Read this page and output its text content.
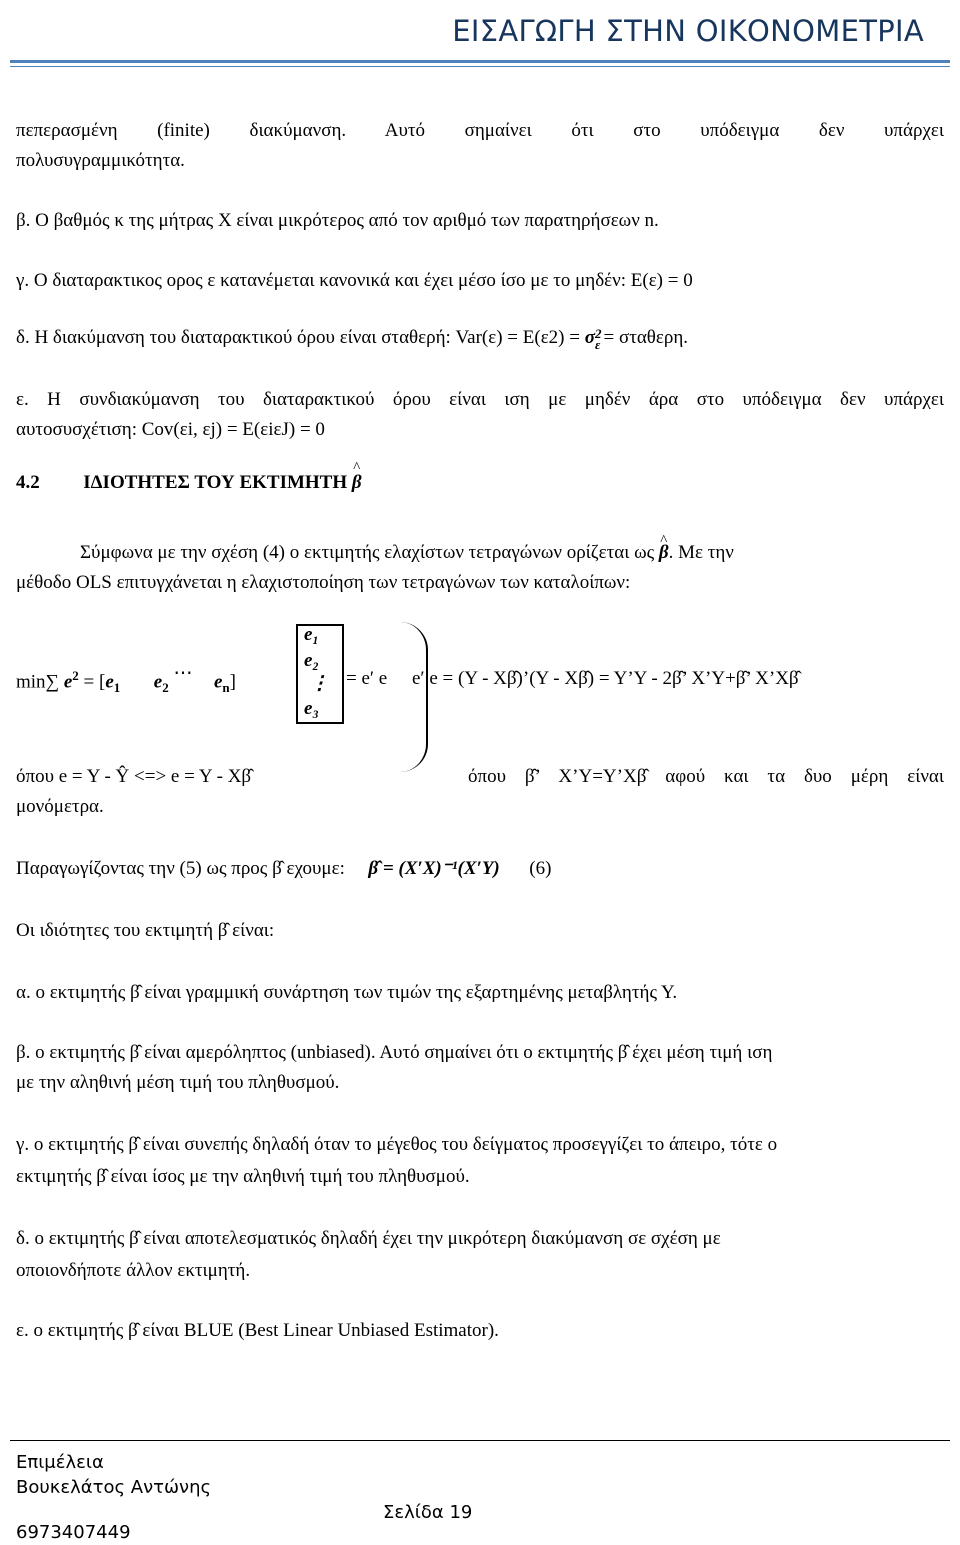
ΕΙΣΑΓΩΓΗ ΣΤΗΝ ΟΙΚΟΝΟΜΕΤΡΙΑ
πεπερασμένη (finite) διακύμανση. Αυτό σημαίνει ότι στο υπόδειγμα δεν υπάρχει
πολυσυγραμμικότητα.
β. Ο βαθμός κ της μήτρας Χ είναι μικρότερος από τον αριθμό των παρατηρήσεων n.
γ. Ο διαταρακτικος ορος ε κατανέμεται κανονικά και έχει μέσο ίσο με το μηδέν: Ε(ε) = 0
δ. Η διακύμανση του διαταρακτικού όρου είναι σταθερή: Var(ε) = Ε(ε2) = σ 2
ε = σταθερη.
ε. Η συνδιακύμανση του διαταρακτικού όρου είναι ιση με μηδέν άρα στο υπόδειγμα δεν υπάρχει
αυτοσυσχέτιση: Cov(εi, εj) = E(εiεJ) = 0
4.2 ΙΔΙΟΤΗΤΕΣ ΤΟΥ ΕΚΤΙΜΗΤΗ β ^
Σύμφωνα με την σχέση (4) ο εκτιμητής ελαχίστων τετραγώνων ορίζεται ως β ^. Με την
μέθοδο OLS επιτυγχάνεται η ελαχιστοποίηση των τετραγώνων των καταλοίπων:
min∑ $e^2 = [e_1$ $e_2$ ⋯ $e_n$]
e₁
e₂
⋮
e₃
= e′ e	e′ e = (Y - Xβ̂)’(Y - Xβ̂) = Y’Y - 2β̂’ X’Y+β̂’ X’Xβ̂
όπου e = Y - Ŷ <=> e = Y - Xβ̂	όπου β̂’ X’Y=Y’Xβ̂ αφού και τα δυο μέρη είναι
μονόμετρα.
Παραγωγίζοντας την (5) ως προς β̂ εχουμε: β̂ = (X′X)⁻¹(X′Y) (6)
Οι ιδιότητες του εκτιμητή β̂ είναι:
α. ο εκτιμητής β̂ είναι γραμμική συνάρτηση των τιμών της εξαρτημένης μεταβλητής Υ.
β. ο εκτιμητής β̂ είναι αμερόληπτος (unbiased). Αυτό σημαίνει ότι ο εκτιμητής β̂ έχει μέση τιμή ιση
με την αληθινή μέση τιμή του πληθυσμού.
γ. ο εκτιμητής β̂ είναι συνεπής δηλαδή όταν το μέγεθος του δείγματος προσεγγίζει το άπειρο, τότε ο
εκτιμητής β̂ είναι ίσος με την αληθινή τιμή του πληθυσμού.
δ. ο εκτιμητής β̂ είναι αποτελεσματικός δηλαδή έχει την μικρότερη διακύμανση σε σχέση με
οποιονδήποτε άλλον εκτιμητή.
ε. ο εκτιμητής β̂ είναι BLUE (Best Linear Unbiased Estimator).
Επιμέλεια
Βουκελάτος Αντώνης
Σελίδα 19
6973407449
